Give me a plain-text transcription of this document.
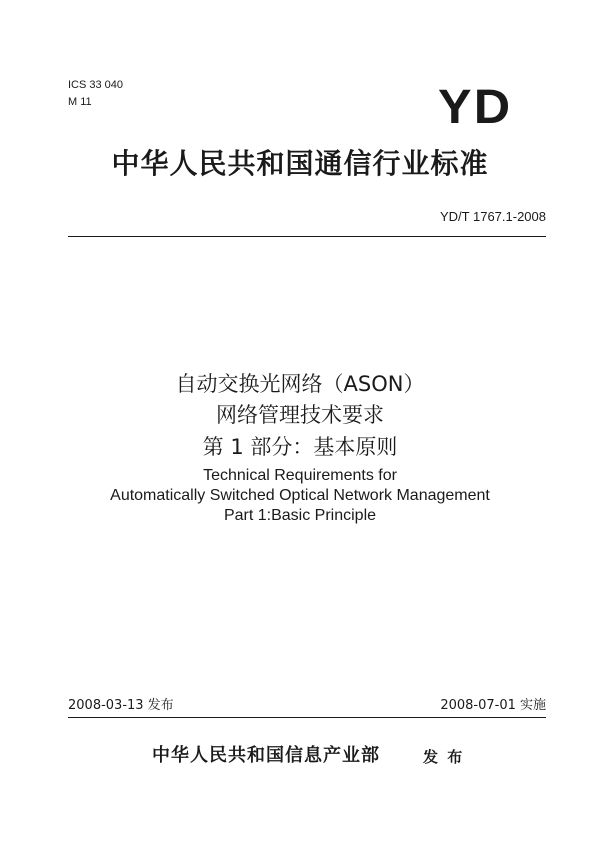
ICS 33 040
M 11	YD
中华人民共和国通信行业标准
YD/T 1767.1-2008
自动交换光网络（ASON）
网络管理技术要求
第 1 部分：基本原则
Technical Requirements for
Automatically Switched Optical Network Management
Part 1:Basic Principle
2008-03-13 发布	2008-07-01 实施
中华人民共和国信息产业部	发 布
